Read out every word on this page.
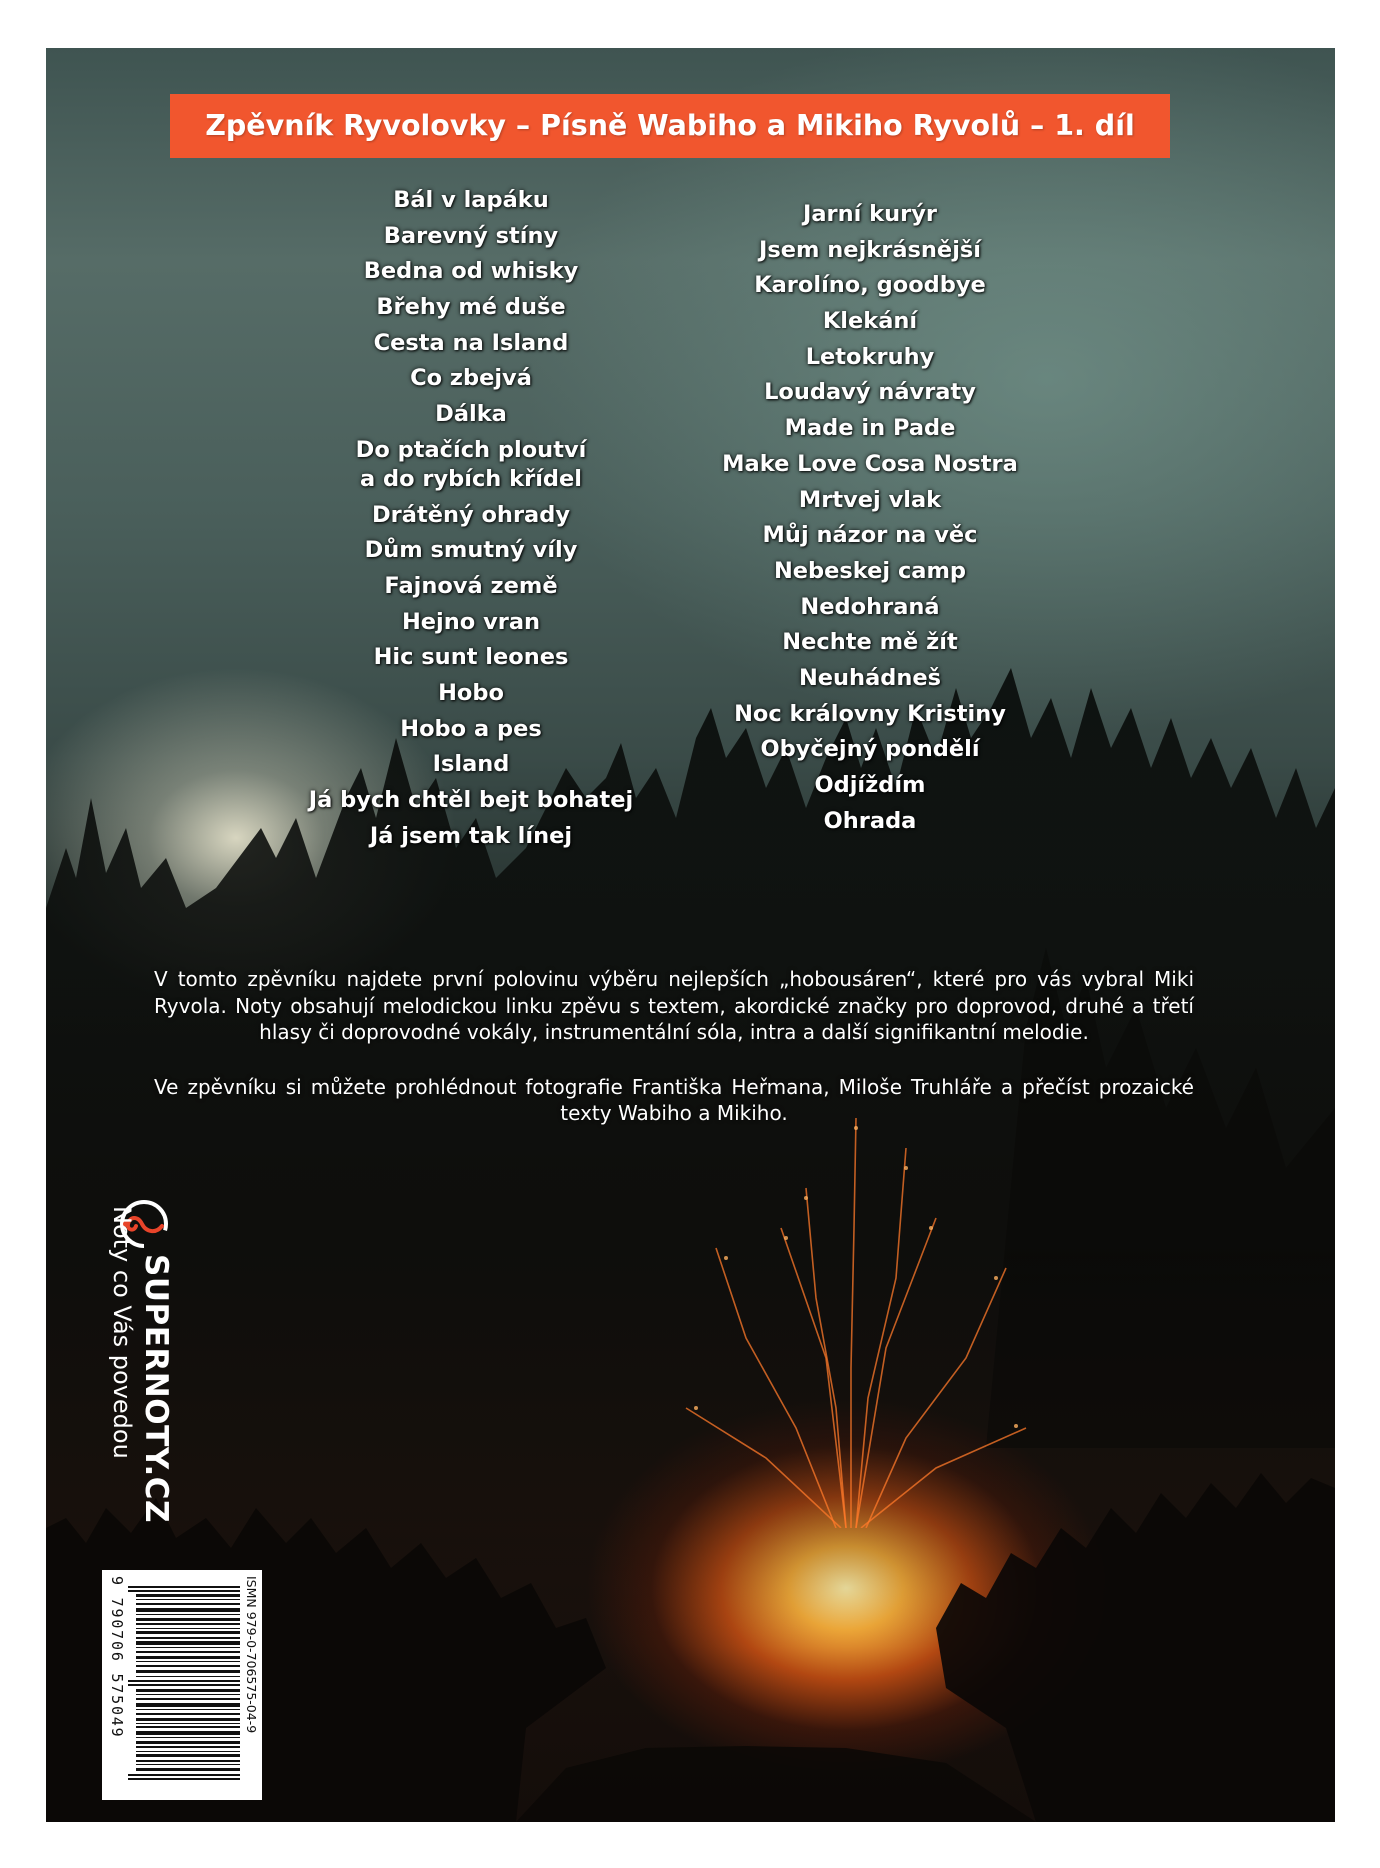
Zpěvník Ryvolovky – Písně Wabiho a Mikiho Ryvolů – 1. díl
Bál v lapáku
Barevný stíny
Bedna od whisky
Břehy mé duše
Cesta na Island
Co zbejvá
Dálka
Do ptačích ploutví
a do rybích křídel
Drátěný ohrady
Dům smutný víly
Fajnová země
Hejno vran
Hic sunt leones
Hobo
Hobo a pes
Island
Já bych chtěl bejt bohatej
Já jsem tak línej
Jarní kurýr
Jsem nejkrásnější
Karolíno, goodbye
Klekání
Letokruhy
Loudavý návraty
Made in Pade
Make Love Cosa Nostra
Mrtvej vlak
Můj názor na věc
Nebeskej camp
Nedohraná
Nechte mě žít
Neuhádneš
Noc královny Kristiny
Obyčejný pondělí
Odjíždím
Ohrada

V tomto zpěvníku najdete první polovinu výběru nejlepších „hobousáren“, které pro vás vybral Miki Ryvola. Noty obsahují melodickou linku zpěvu s textem, akordické značky pro doprovod, druhé a třetí hlasy či doprovodné vokály, instrumentální sóla, intra a další signifikantní melodie.

Ve zpěvníku si můžete prohlédnout fotografie Františka Heřmana, Miloše Truhláře a přečíst prozaické texty Wabiho a Mikiho.

SUPERNOTY.CZ
Noty co Vás povedou
ISMN 979-0-706575-04-9
9 790706 575049
